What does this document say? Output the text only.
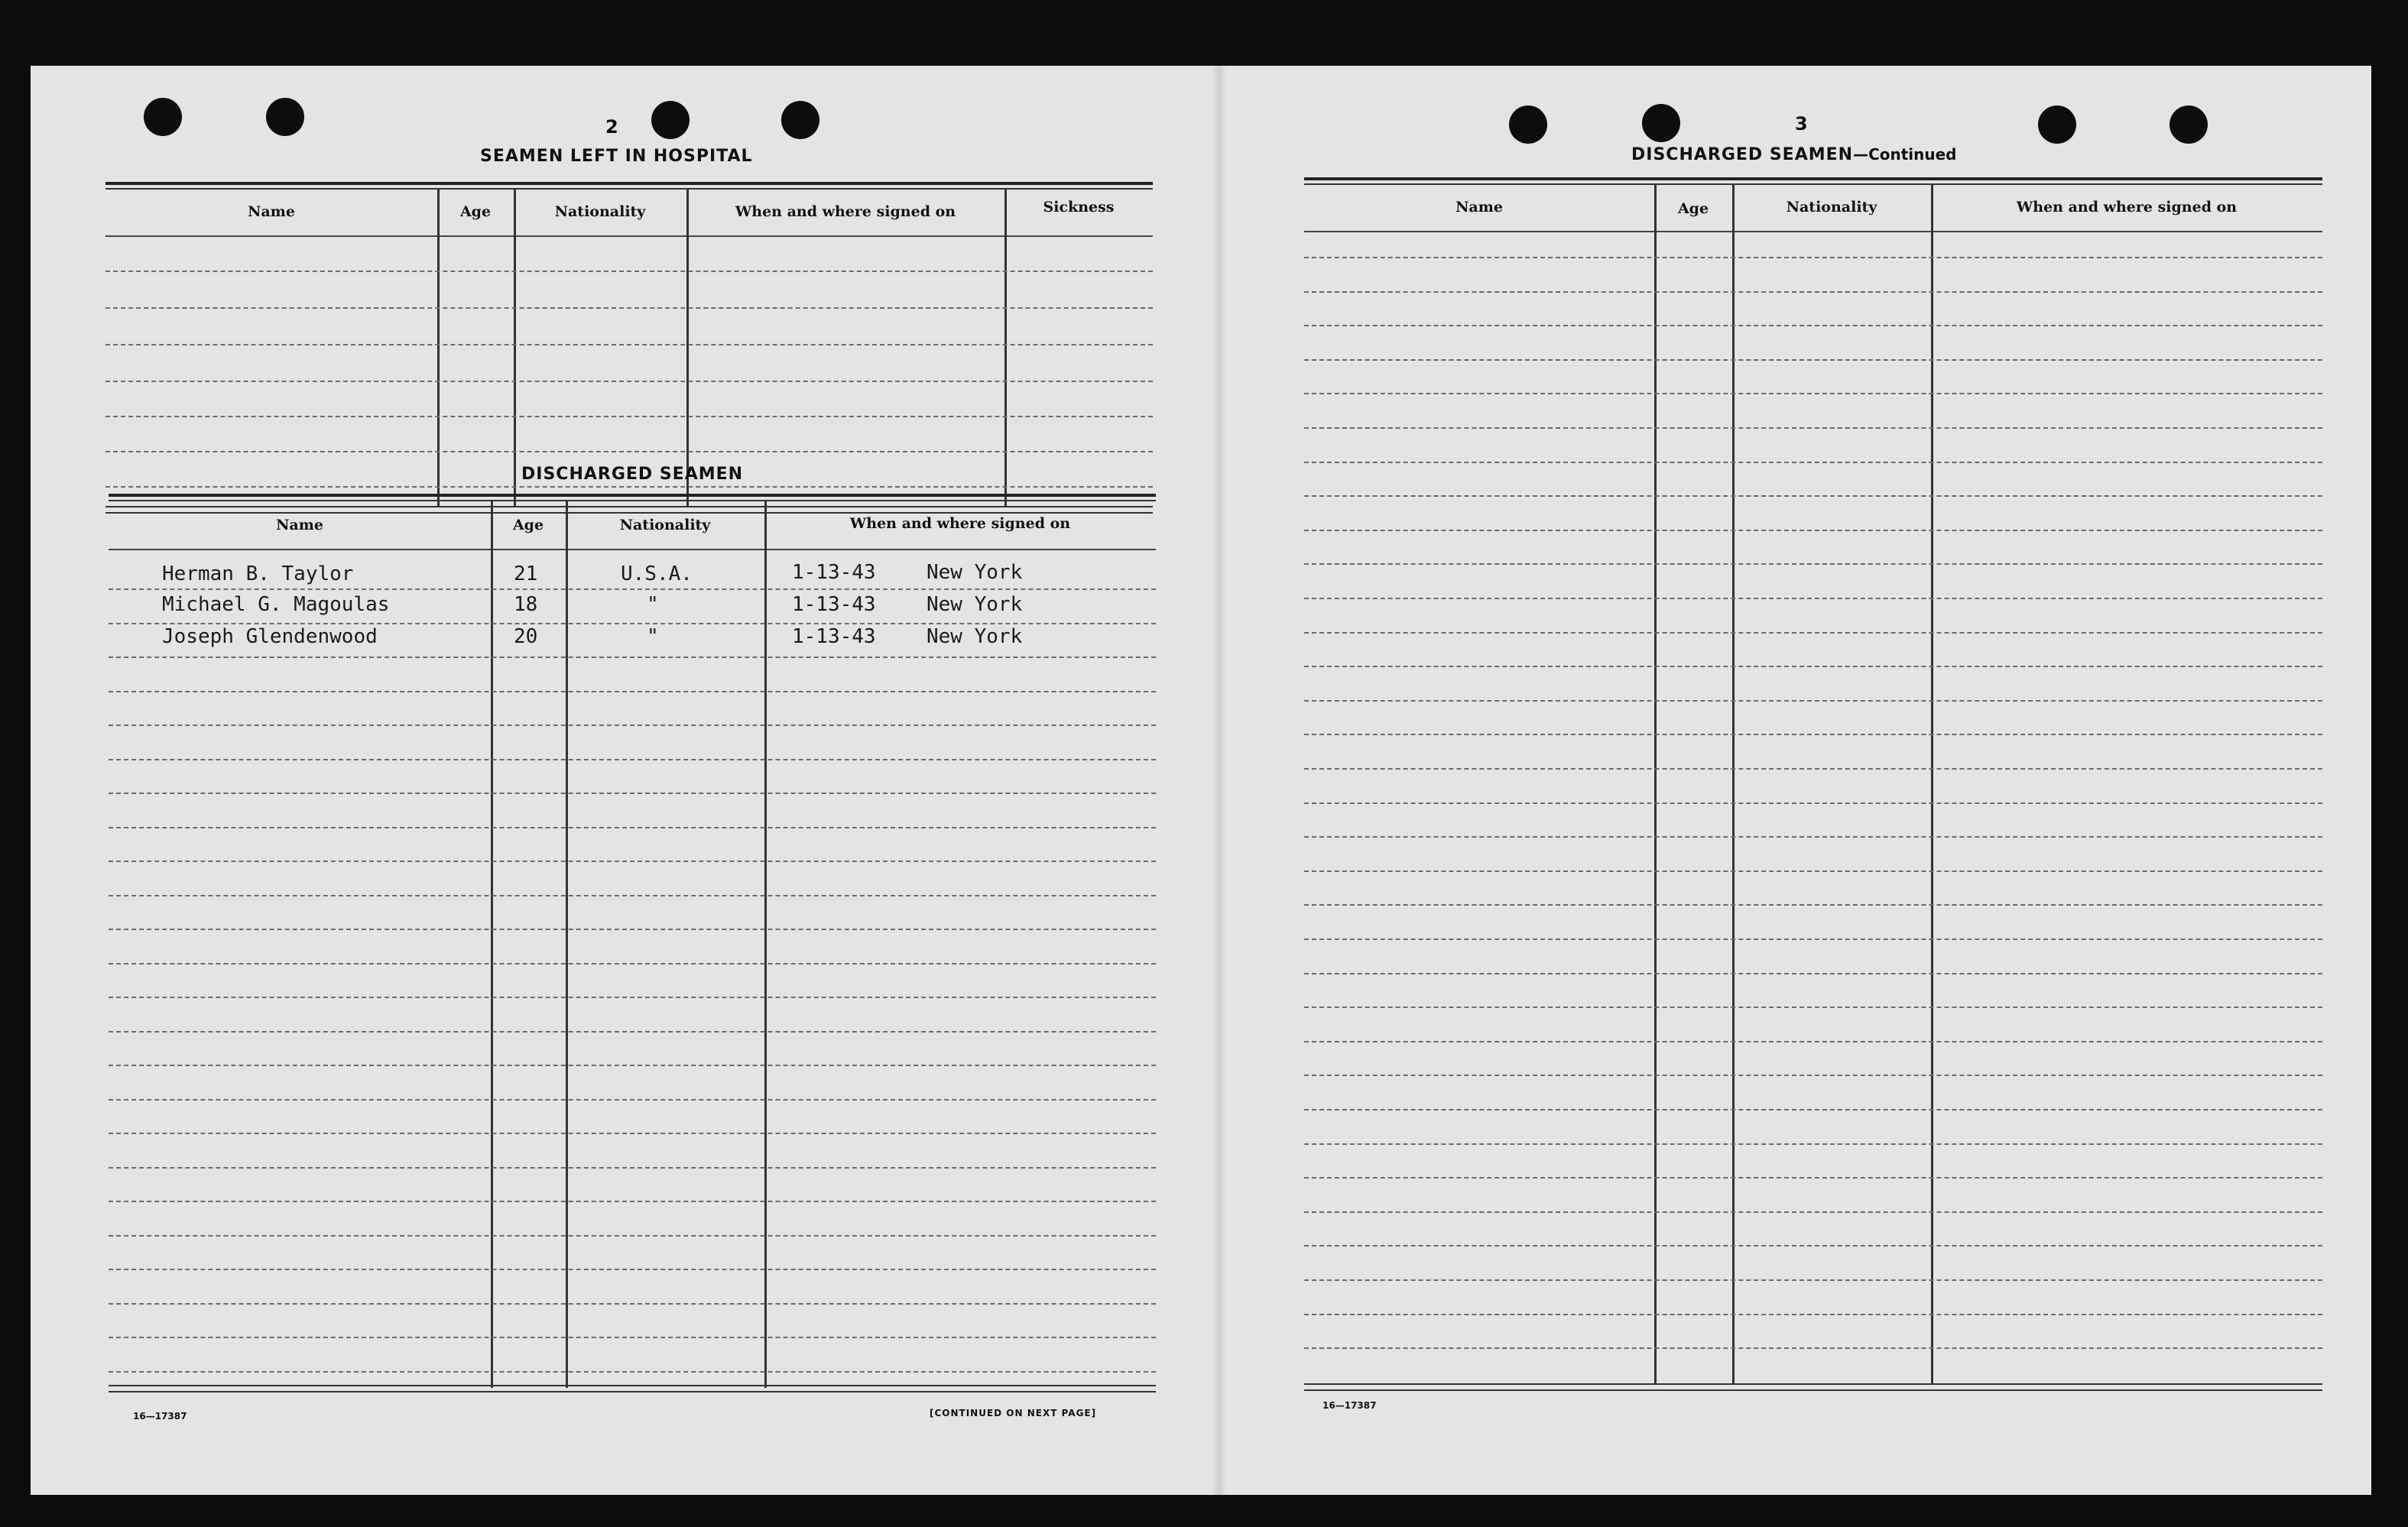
2
SEAMEN LEFT IN HOSPITAL
Name	Age	Nationality	When and where signed on	Sickness
DISCHARGED SEAMEN
Name	Age	Nationality	When and where signed on
Herman B. Taylor	21	U.S.A.	1-13-43	New York
Michael G. Magoulas	18	"	1-13-43	New York
Joseph Glendenwood	20	"	1-13-43	New York
16—17387	[CONTINUED ON NEXT PAGE]
3
DISCHARGED SEAMEN—Continued
Name	Age	Nationality	When and where signed on
16—17387
